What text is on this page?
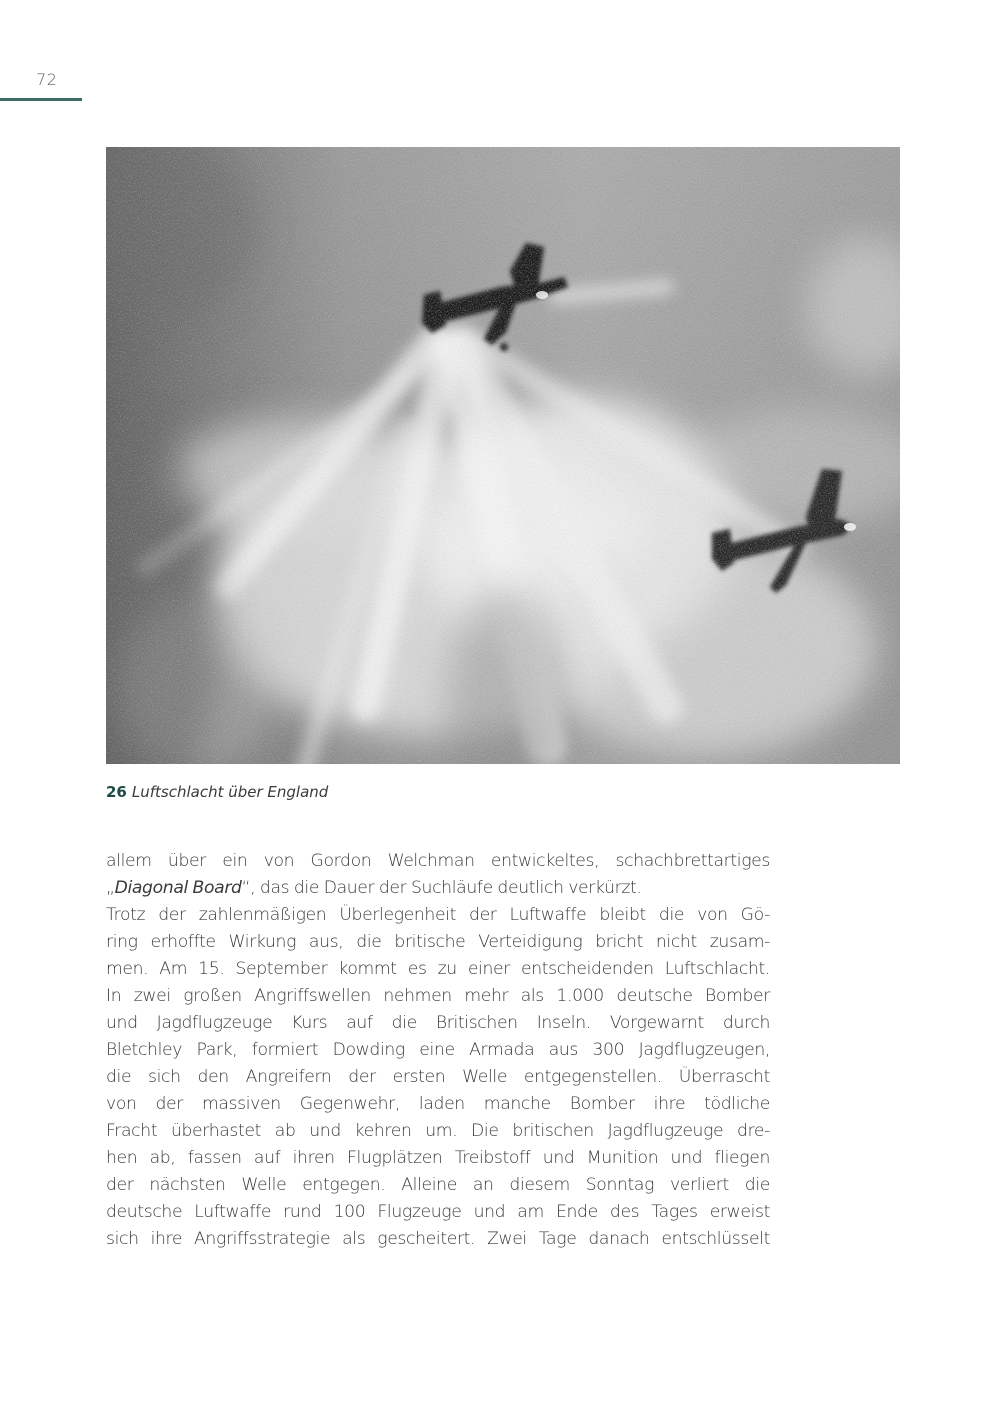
72
26 Luftschlacht über England
allem über ein von Gordon Welchman entwickeltes, schachbrettartiges
„Diagonal Board“, das die Dauer der Suchläufe deutlich verkürzt.
Trotz der zahlenmäßigen Überlegenheit der Luftwaffe bleibt die von Gö-
ring erhoffte Wirkung aus, die britische Verteidigung bricht nicht zusam-
men. Am 15. September kommt es zu einer entscheidenden Luftschlacht.
In zwei großen Angriffswellen nehmen mehr als 1.000 deutsche Bomber
und Jagdflugzeuge Kurs auf die Britischen Inseln. Vorgewarnt durch
Bletchley Park, formiert Dowding eine Armada aus 300 Jagdflugzeugen,
die sich den Angreifern der ersten Welle entgegenstellen. Überrascht
von der massiven Gegenwehr, laden manche Bomber ihre tödliche
Fracht überhastet ab und kehren um. Die britischen Jagdflugzeuge dre-
hen ab, fassen auf ihren Flugplätzen Treibstoff und Munition und fliegen
der nächsten Welle entgegen. Alleine an diesem Sonntag verliert die
deutsche Luftwaffe rund 100 Flugzeuge und am Ende des Tages erweist
sich ihre Angriffsstrategie als gescheitert. Zwei Tage danach entschlüsselt
